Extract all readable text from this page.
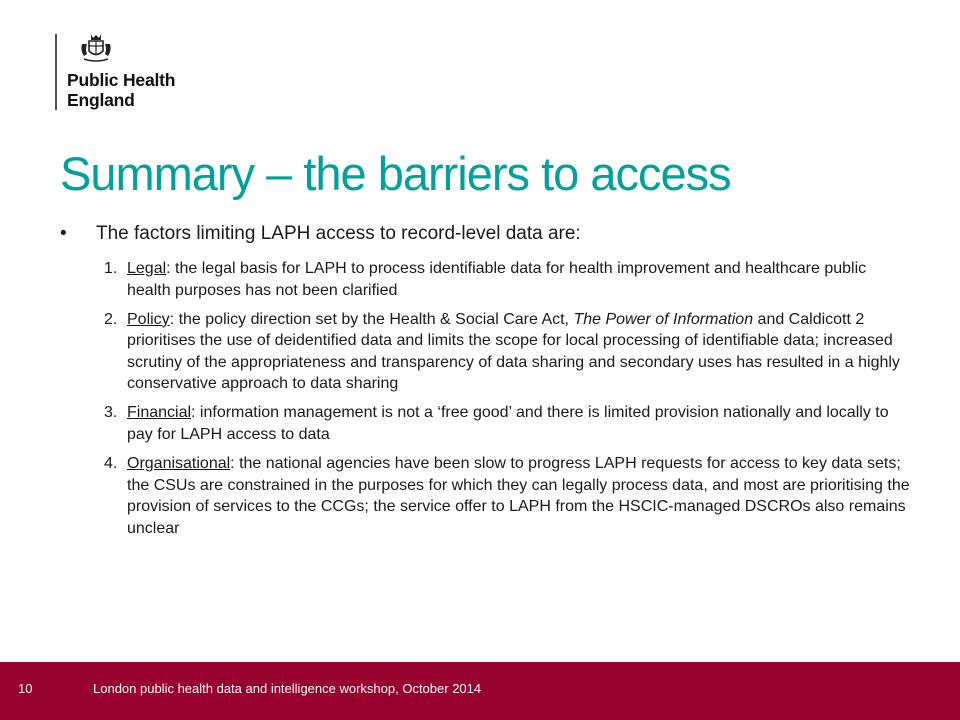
Public Health
England
Summary – the barriers to access
• The factors limiting LAPH access to record-level data are:
1. Legal: the legal basis for LAPH to process identifiable data for health improvement and healthcare public health purposes has not been clarified
2. Policy: the policy direction set by the Health & Social Care Act, The Power of Information and Caldicott 2 prioritises the use of deidentified data and limits the scope for local processing of identifiable data; increased scrutiny of the appropriateness and transparency of data sharing and secondary uses has resulted in a highly conservative approach to data sharing
3. Financial: information management is not a ‘free good’ and there is limited provision nationally and locally to pay for LAPH access to data
4. Organisational: the national agencies have been slow to progress LAPH requests for access to key data sets; the CSUs are constrained in the purposes for which they can legally process data, and most are prioritising the provision of services to the CCGs; the service offer to LAPH from the HSCIC-managed DSCROs also remains unclear
10	London public health data and intelligence workshop, October 2014
